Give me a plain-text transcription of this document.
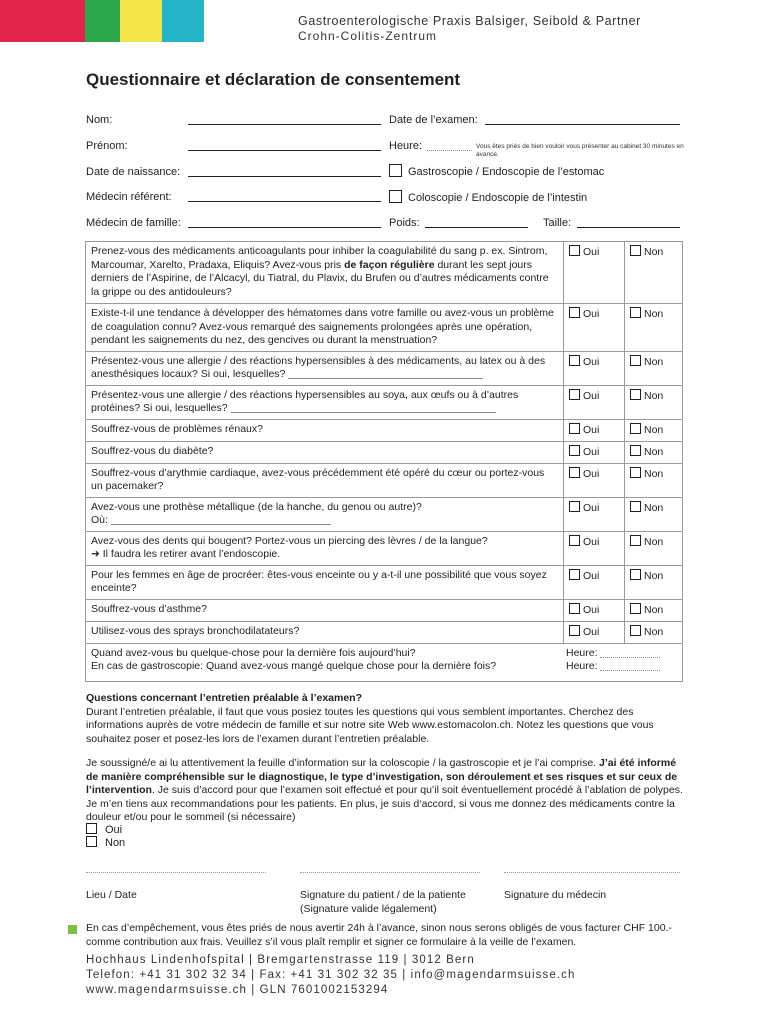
Gastroenterologische Praxis Balsiger, Seibold & Partner
Crohn-Colitis-Zentrum
Questionnaire et déclaration de consentement
Nom:	Date de l’examen:
Prénom:	Heure:	Vous êtes priés de bien vouloir vous présenter au cabinet 30 minutes en avance.
Date de naissance:	Gastroscopie / Endoscopie de l’estomac
Médecin référent:	Coloscopie / Endoscopie de l’intestin
Médecin de famille:	Poids:	Taille:
Prenez-vous des médicaments anticoagulants pour inhiber la coagulabilité du sang p. ex. Sintrom, Marcoumar, Xarelto, Pradaxa, Eliquis? Avez-vous pris de façon régulière durant les sept jours derniers de l’Aspirine, de l’Alcacyl, du Tiatral, du Plavix, du Brufen ou d’autres médicaments contre la grippe ou des antidouleurs?	Oui	Non
Existe-t-il une tendance à développer des hématomes dans votre famille ou avez-vous un problème de coagulation connu? Avez-vous remarqué des saignements prolongées après une opération, pendant les saignements du nez, des gencives ou durant la menstruation?	Oui	Non
Présentez-vous une allergie / des réactions hypersensibles à des médicaments, au latex ou à des anesthésiques locaux? Si oui, lesquelles?	Oui	Non
Présentez-vous une allergie / des réactions hypersensibles au soya, aux œufs ou à d’autres protéines? Si oui, lesquelles?	Oui	Non
Souffrez-vous de problèmes rénaux?	Oui	Non
Souffrez-vous du diabète?	Oui	Non
Souffrez-vous d’arythmie cardiaque, avez-vous précédemment été opéré du cœur ou portez-vous un pacemaker?	Oui	Non
Avez-vous une prothèse métallique (de la hanche, du genou ou autre)?
Où:	Oui	Non
Avez-vous des dents qui bougent? Portez-vous un piercing des lèvres / de la langue?
➜ Il faudra les retirer avant l’endoscopie.	Oui	Non
Pour les femmes en âge de procréer: êtes-vous enceinte ou y a-t-il une possibilité que vous soyez enceinte?	Oui	Non
Souffrez-vous d’asthme?	Oui	Non
Utilisez-vous des sprays bronchodilatateurs?	Oui	Non
Quand avez-vous bu quelque-chose pour la dernière fois aujourd’hui?
En cas de gastroscopie: Quand avez-vous mangé quelque chose pour la dernière fois?
Heure:
Heure:		
Questions concernant l’entretien préalable à l’examen?
Durant l’entretien préalable, il faut que vous posiez toutes les questions qui vous semblent importantes. Cherchez des informations auprès de votre médecin de famille et sur notre site Web www.estomacolon.ch. Notez les questions que vous souhaitez poser et posez-les lors de l’examen durant l’entretien préalable.
Je soussigné/e ai lu attentivement la feuille d’information sur la coloscopie / la gastroscopie et je l’ai comprise. J’ai été informé de manière compréhensible sur le diagnostique, le type d’investigation, son déroulement et ses risques et sur ceux de l’intervention. Je suis d’accord pour que l’examen soit effectué et pour qu’il soit éventuellement procédé à l’ablation de polypes. Je m’en tiens aux recommandations pour les patients. En plus, je suis d‘accord, si vous me donnez des médicaments contre la douleur et/ou pour le sommeil (si nécessaire)
Oui
Non
Lieu / Date	Signature du patient / de la patiente
(Signature valide légalement)
Signature du médecin
En cas d’empêchement, vous êtes priés de nous avertir 24h à l’avance, sinon nous serons obligés de vous facturer CHF 100.- comme contribution aux frais. Veuillez s’il vous plaît remplir et signer ce formulaire à la veille de l’examen.
Hochhaus Lindenhofspital | Bremgartenstrasse 119 | 3012 Bern
Telefon: +41 31 302 32 34 | Fax: +41 31 302 32 35 | info@magendarmsuisse.ch
www.magendarmsuisse.ch | GLN 7601002153294
